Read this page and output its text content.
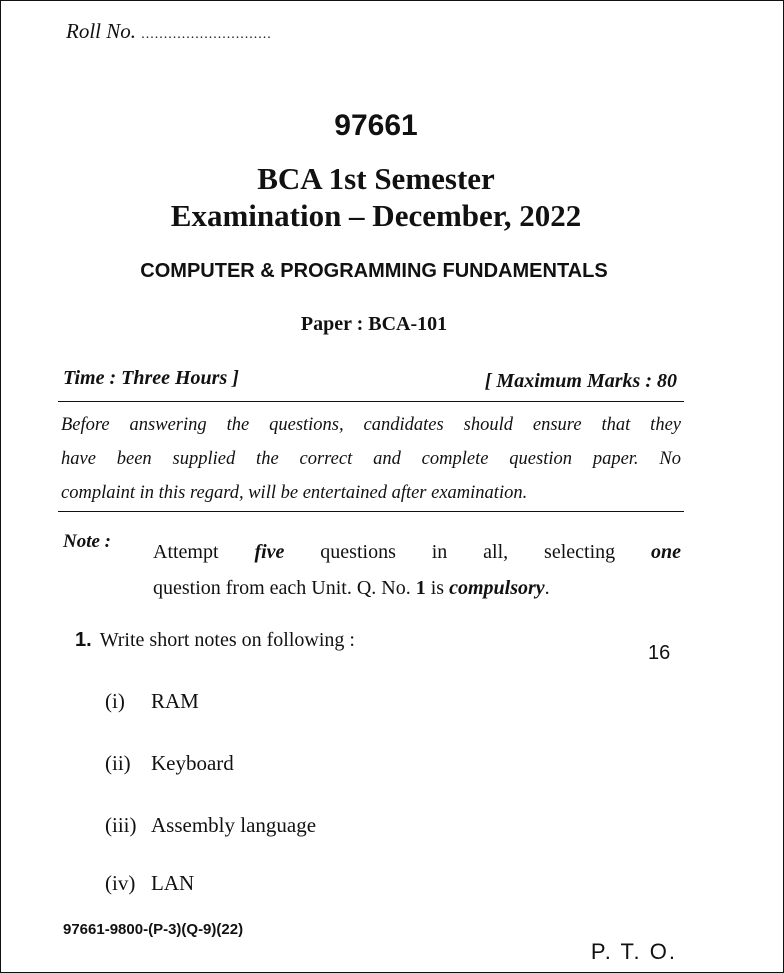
Roll No. .............................
97661
BCA 1st Semester
Examination – December, 2022
COMPUTER & PROGRAMMING FUNDAMENTALS
Paper : BCA-101
Time : Three Hours ]	[ Maximum Marks : 80
Before answering the questions, candidates should ensure that they
have been supplied the correct and complete question paper. No
complaint in this regard, will be entertained after examination.
Note : Attempt five questions in all, selecting one
question from each Unit. Q. No. 1 is compulsory.
1. Write short notes on following :
16
(i) RAM
(ii) Keyboard
(iii) Assembly language
(iv) LAN
97661-9800-(P-3)(Q-9)(22)
P. T. O.
